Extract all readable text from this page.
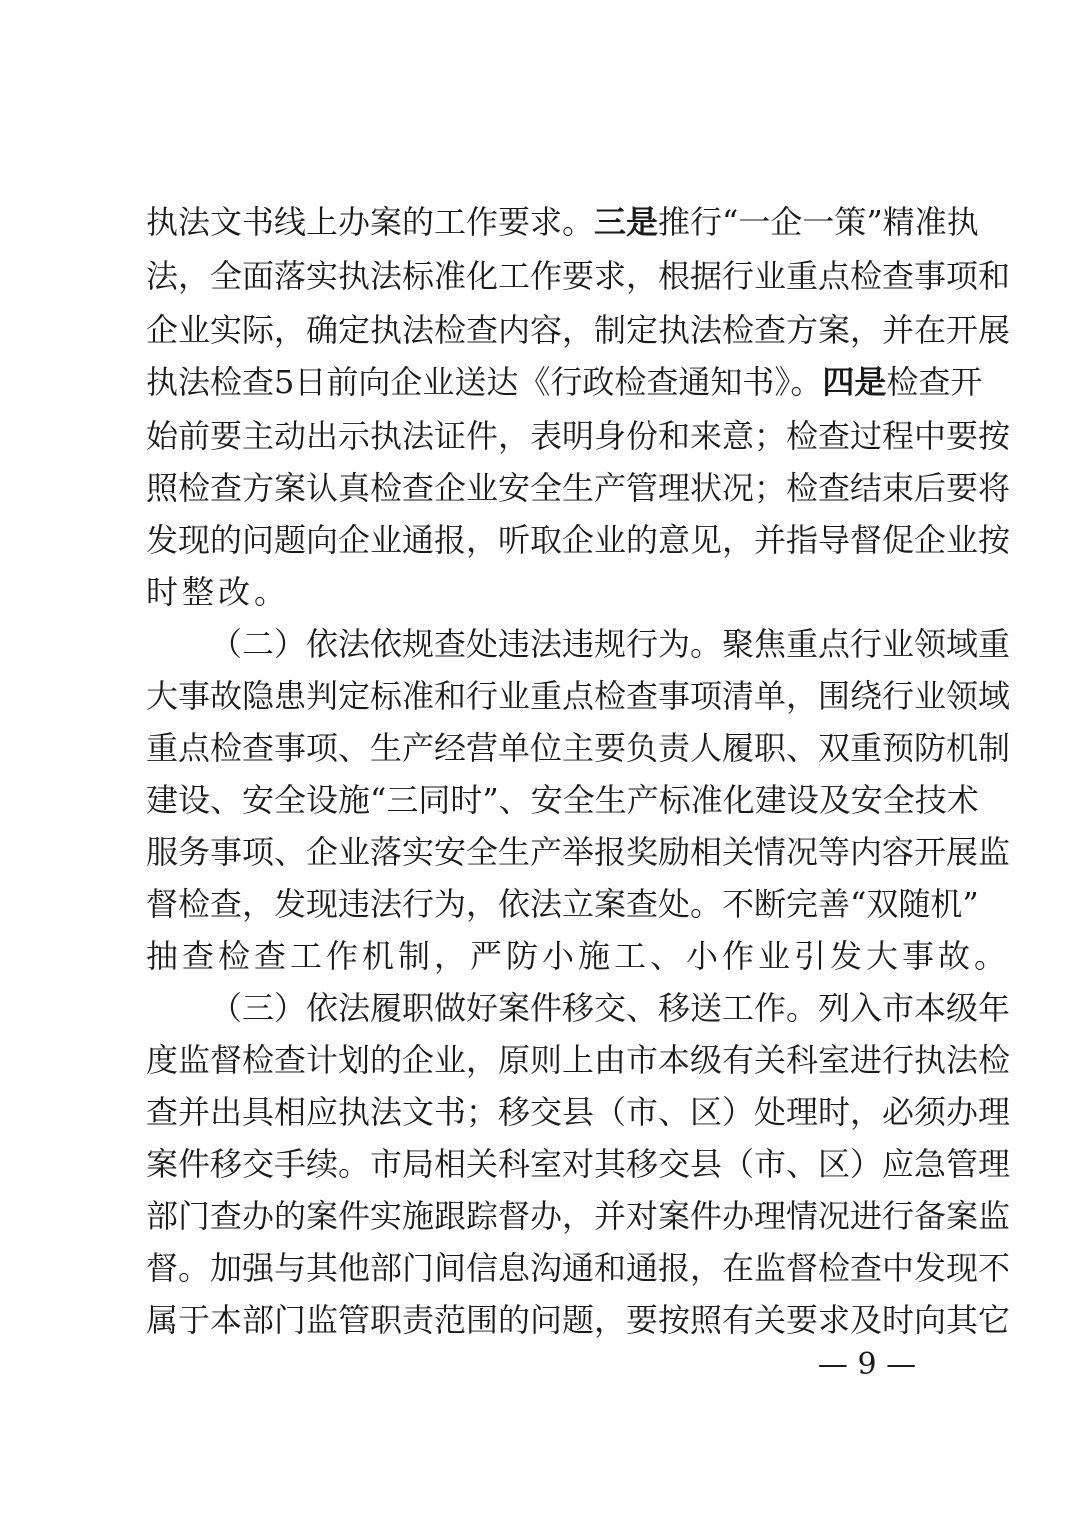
执法文书线上办案的工作要求。三是推行“一企一策”精准执
法，全面落实执法标准化工作要求，根据行业重点检查事项和
企业实际，确定执法检查内容，制定执法检查方案，并在开展
执法检查5日前向企业送达《行政检查通知书》。四是检查开
始前要主动出示执法证件，表明身份和来意；检查过程中要按
照检查方案认真检查企业安全生产管理状况；检查结束后要将
发现的问题向企业通报，听取企业的意见，并指导督促企业按
时整改。
（二）依法依规查处违法违规行为。聚焦重点行业领域重
大事故隐患判定标准和行业重点检查事项清单，围绕行业领域
重点检查事项、生产经营单位主要负责人履职、双重预防机制
建设、安全设施“三同时”、安全生产标准化建设及安全技术
服务事项、企业落实安全生产举报奖励相关情况等内容开展监
督检查，发现违法行为，依法立案查处。不断完善“双随机”
抽查检查工作机制，严防小施工、小作业引发大事故。
（三）依法履职做好案件移交、移送工作。列入市本级年
度监督检查计划的企业，原则上由市本级有关科室进行执法检
查并出具相应执法文书；移交县（市、区）处理时，必须办理
案件移交手续。市局相关科室对其移交县（市、区）应急管理
部门查办的案件实施跟踪督办，并对案件办理情况进行备案监
督。加强与其他部门间信息沟通和通报，在监督检查中发现不
属于本部门监管职责范围的问题，要按照有关要求及时向其它
— 9 —
